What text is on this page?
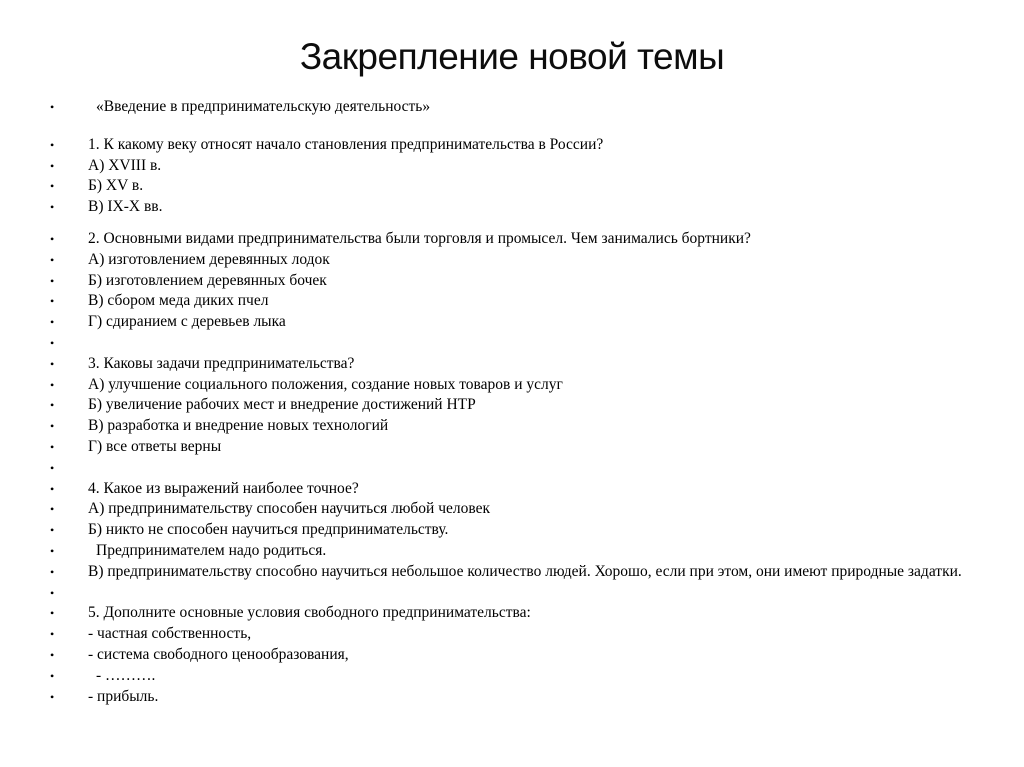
Закрепление новой темы
•	«Введение в предпринимательскую деятельность»
•	1. К какому веку относят начало становления предпринимательства в России?
•	А) XVIII в.
•	Б) XV в.
•	В) IX-X вв.
•	2. Основными видами предпринимательства были торговля и промысел. Чем занимались бортники?
•	А) изготовлением деревянных лодок
•	Б) изготовлением деревянных бочек
•	В) сбором меда диких пчел
•	Г) сдиранием с деревьев лыка
•
•	3. Каковы задачи предпринимательства?
•	А) улучшение социального положения, создание новых товаров и услуг
•	Б) увеличение рабочих мест и внедрение достижений НТР
•	В) разработка и внедрение новых технологий
•	Г) все ответы верны
•
•	4. Какое из выражений наиболее точное?
•	А) предпринимательству способен научиться любой человек
•	Б) никто не способен научиться предпринимательству.
•	Предпринимателем надо родиться.
•	В) предпринимательству способно научиться небольшое количество людей. Хорошо, если при этом, они имеют природные задатки.
•
•	5. Дополните основные условия свободного предпринимательства:
•	- частная собственность,
•	- система свободного ценообразования,
•	- ……….
•	- прибыль.
